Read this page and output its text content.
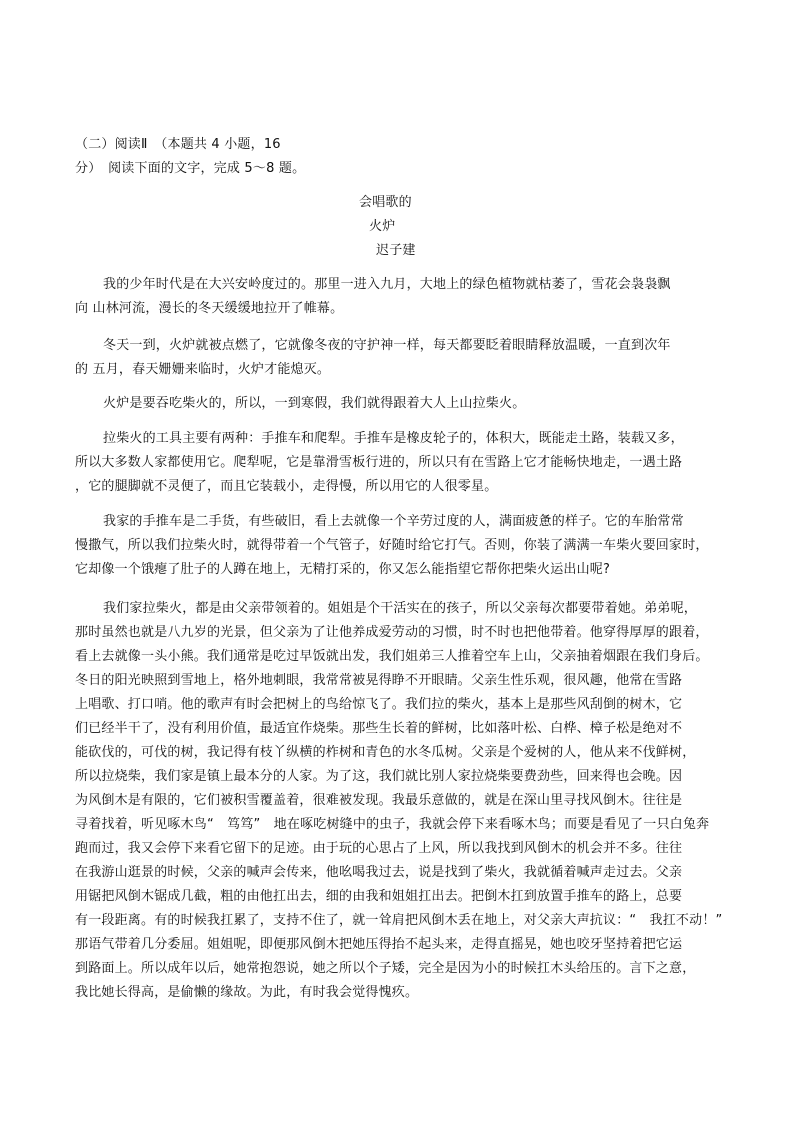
（二）阅读Ⅱ　（本题共 4 小题，16
分）　阅读下面的文字，完成 5～8 题。
会唱歌的
火炉
迟子建
我的少年时代是在大兴安岭度过的。那里一进入九月，大地上的绿色植物就枯萎了，雪花会袅袅飘
向 山林河流，漫长的冬天缓缓地拉开了帷幕。
冬天一到，火炉就被点燃了，它就像冬夜的守护神一样，每天都要眨着眼睛释放温暖，一直到次年
的 五月，春天姗姗来临时，火炉才能熄灭。
火炉是要吞吃柴火的，所以，一到寒假，我们就得跟着大人上山拉柴火。
拉柴火的工具主要有两种：手推车和爬犁。手推车是橡皮轮子的，体积大，既能走土路，装载又多，
所以大多数人家都使用它。爬犁呢，它是靠滑雪板行进的，所以只有在雪路上它才能畅快地走，一遇土路
，它的腿脚就不灵便了，而且它装载小，走得慢，所以用它的人很零星。
我家的手推车是二手货，有些破旧，看上去就像一个辛劳过度的人，满面疲惫的样子。它的车胎常常
慢撒气，所以我们拉柴火时，就得带着一个气管子，好随时给它打气。否则，你装了满满一车柴火要回家时，
它却像一个饿瘪了肚子的人蹲在地上，无精打采的，你又怎么能指望它帮你把柴火运出山呢?
我们家拉柴火，都是由父亲带领着的。姐姐是个干活实在的孩子，所以父亲每次都要带着她。弟弟呢，
那时虽然也就是八九岁的光景，但父亲为了让他养成爱劳动的习惯，时不时也把他带着。他穿得厚厚的跟着，
看上去就像一头小熊。我们通常是吃过早饭就出发，我们姐弟三人推着空车上山，父亲抽着烟跟在我们身后。
冬日的阳光映照到雪地上，格外地刺眼，我常常被晃得睁不开眼睛。父亲生性乐观，很风趣，他常在雪路
上唱歌、打口哨。他的歌声有时会把树上的鸟给惊飞了。我们拉的柴火，基本上是那些风刮倒的树木，它
们已经半干了，没有利用价值，最适宜作烧柴。那些生长着的鲜树，比如落叶松、白桦、樟子松是绝对不
能砍伐的，可伐的树，我记得有枝丫纵横的柞树和青色的水冬瓜树。父亲是个爱树的人，他从来不伐鲜树，
所以拉烧柴，我们家是镇上最本分的人家。为了这，我们就比别人家拉烧柴要费劲些，回来得也会晚。因
为风倒木是有限的，它们被积雪覆盖着，很难被发现。我最乐意做的，就是在深山里寻找风倒木。往往是
寻着找着，听见啄木鸟“　笃笃”　地在啄吃树缝中的虫子，我就会停下来看啄木鸟；而要是看见了一只白兔奔
跑而过，我又会停下来看它留下的足迹。由于玩的心思占了上风，所以我找到风倒木的机会并不多。往往
在我游山逛景的时候，父亲的喊声会传来，他吆喝我过去，说是找到了柴火，我就循着喊声走过去。父亲
用锯把风倒木锯成几截，粗的由他扛出去，细的由我和姐姐扛出去。把倒木扛到放置手推车的路上，总要
有一段距离。有的时候我扛累了，支持不住了，就一耸肩把风倒木丢在地上，对父亲大声抗议：“　我扛不动！”
那语气带着几分委屈。姐姐呢，即便那风倒木把她压得抬不起头来，走得直摇晃，她也咬牙坚持着把它运
到路面上。所以成年以后，她常抱怨说，她之所以个子矮，完全是因为小的时候扛木头给压的。言下之意，
我比她长得高，是偷懒的缘故。为此，有时我会觉得愧疚。
